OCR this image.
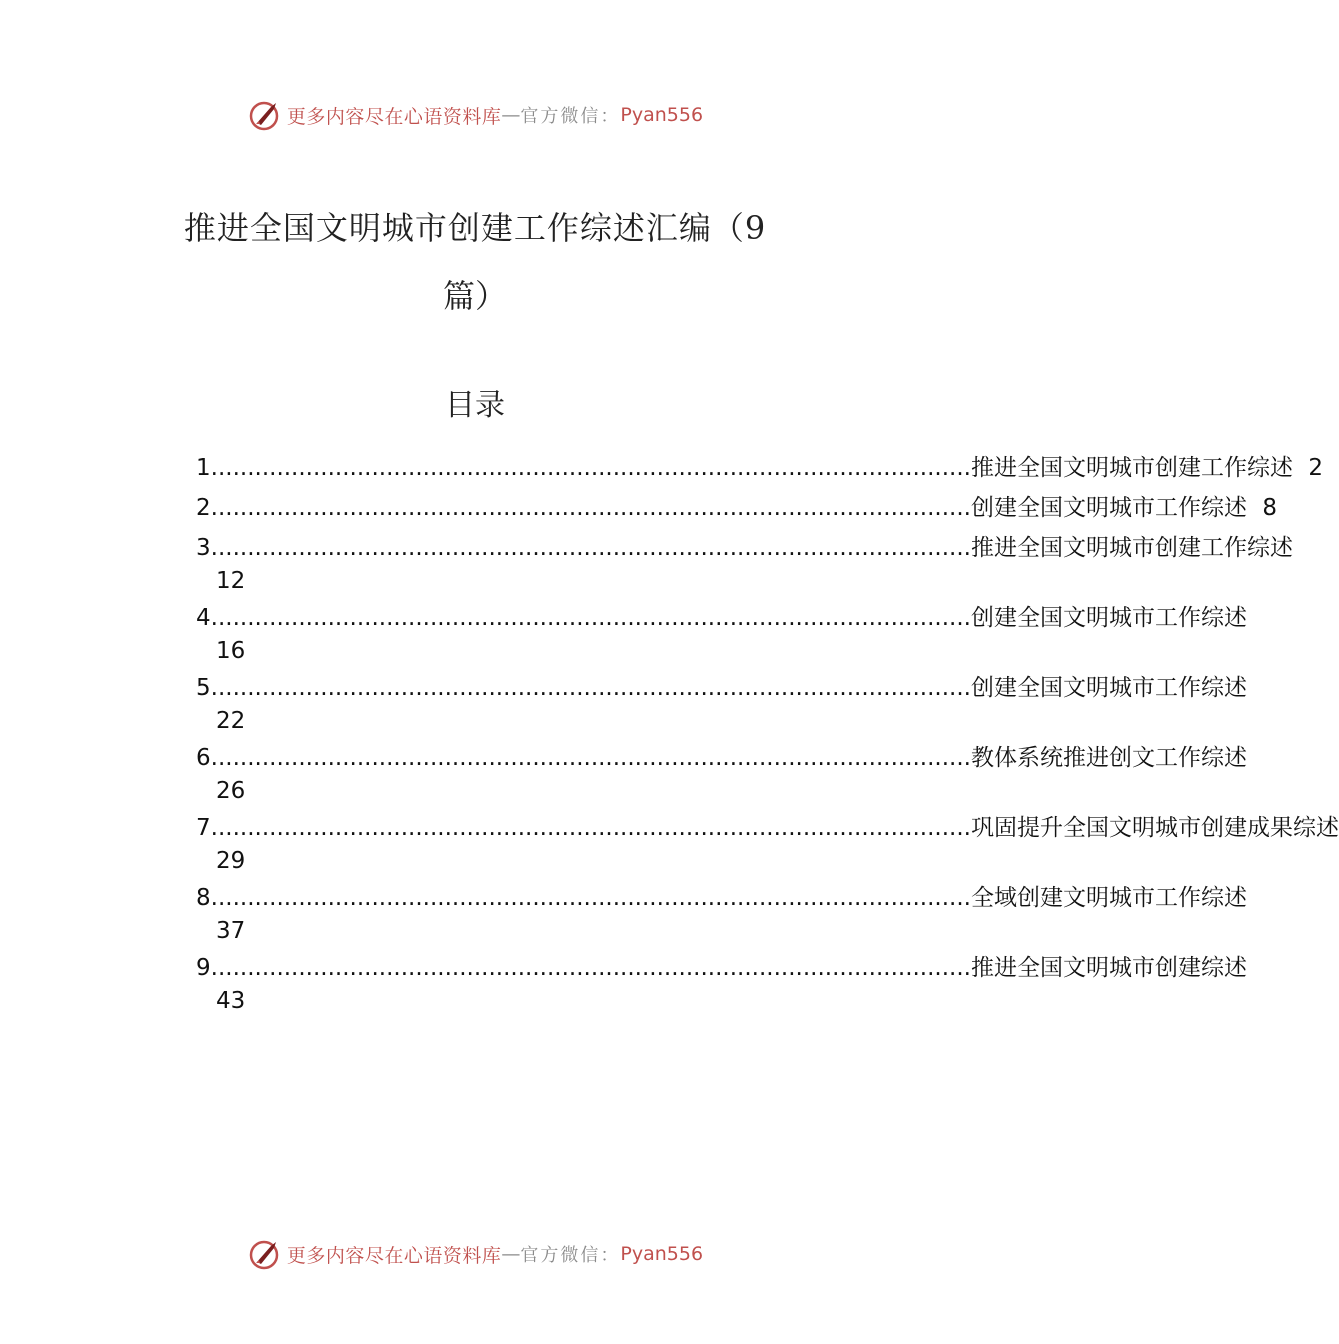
更多内容尽在心语资料库 — 官方微信： Pyan556
推进全国文明城市创建工作综述汇编（9
篇）
目录
1 ........................................................................................................ 推进全国文明城市创建工作综述 2
2 ........................................................................................................ 创建全国文明城市工作综述 8
3 ........................................................................................................ 推进全国文明城市创建工作综述
12
4 ........................................................................................................ 创建全国文明城市工作综述
16
5 ........................................................................................................ 创建全国文明城市工作综述
22
6 ........................................................................................................ 教体系统推进创文工作综述
26
7 ........................................................................................................ 巩固提升全国文明城市创建成果综述
29
8 ........................................................................................................ 全域创建文明城市工作综述
37
9 ........................................................................................................ 推进全国文明城市创建综述
43
更多内容尽在心语资料库 — 官方微信： Pyan556
